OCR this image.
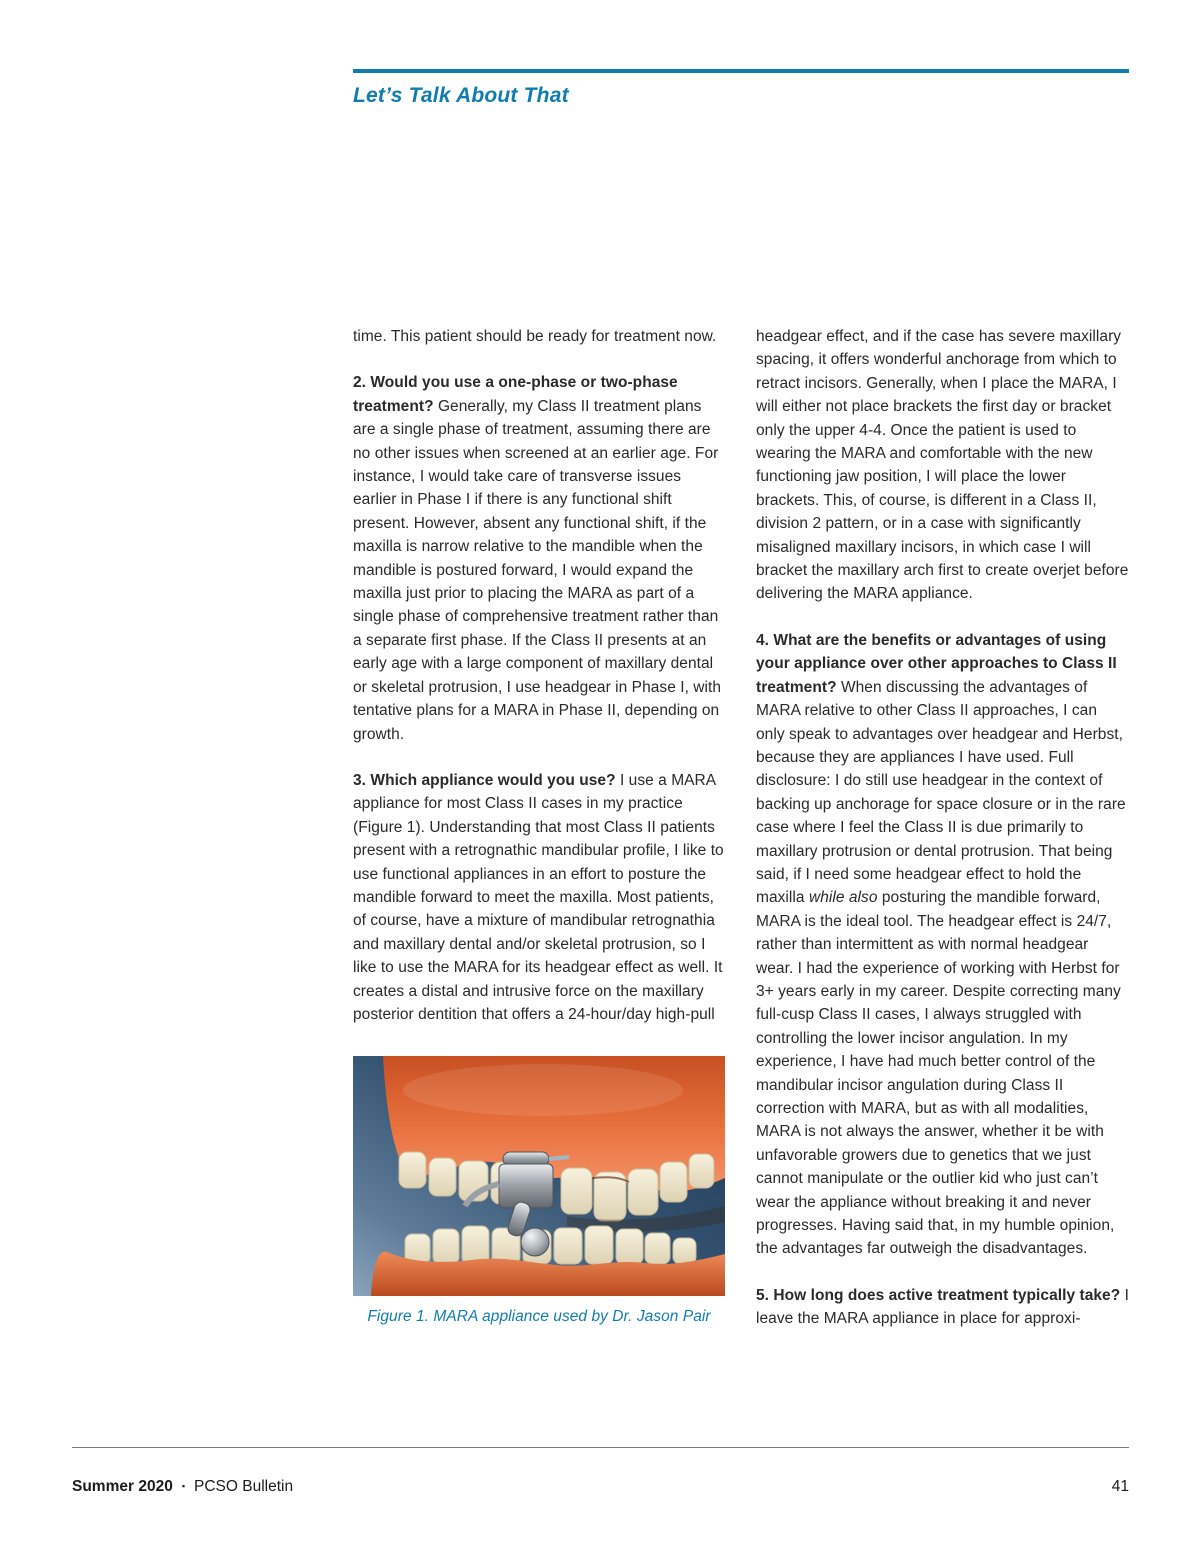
Let’s Talk About That

time. This patient should be ready for treatment now.

2. Would you use a one-phase or two-phase treatment? Generally, my Class II treatment plans are a single phase of treatment, assuming there are no other issues when screened at an earlier age. For instance, I would take care of transverse issues earlier in Phase I if there is any functional shift present. However, absent any functional shift, if the maxilla is narrow relative to the mandible when the mandible is postured forward, I would expand the maxilla just prior to placing the MARA as part of a single phase of comprehensive treatment rather than a separate first phase. If the Class II presents at an early age with a large component of maxillary dental or skeletal protrusion, I use headgear in Phase I, with tentative plans for a MARA in Phase II, depending on growth.

3. Which appliance would you use? I use a MARA appliance for most Class II cases in my practice (Figure 1). Understanding that most Class II patients present with a retrognathic mandibular profile, I like to use functional appliances in an effort to posture the mandible forward to meet the maxilla. Most patients, of course, have a mixture of mandibular retrognathia and maxillary dental and/or skeletal protrusion, so I like to use the MARA for its headgear effect as well. It creates a distal and intrusive force on the maxillary posterior dentition that offers a 24-hour/day high-pull

Figure 1. MARA appliance used by Dr. Jason Pair

headgear effect, and if the case has severe maxillary spacing, it offers wonderful anchorage from which to retract incisors. Generally, when I place the MARA, I will either not place brackets the first day or bracket only the upper 4-4. Once the patient is used to wearing the MARA and comfortable with the new functioning jaw position, I will place the lower brackets. This, of course, is different in a Class II, division 2 pattern, or in a case with significantly misaligned maxillary incisors, in which case I will bracket the maxillary arch first to create overjet before delivering the MARA appliance.

4. What are the benefits or advantages of using your appliance over other approaches to Class II treatment? When discussing the advantages of MARA relative to other Class II approaches, I can only speak to advantages over headgear and Herbst, because they are appliances I have used. Full disclosure: I do still use headgear in the context of backing up anchorage for space closure or in the rare case where I feel the Class II is due primarily to maxillary protrusion or dental protrusion. That being said, if I need some headgear effect to hold the maxilla while also posturing the mandible forward, MARA is the ideal tool. The headgear effect is 24/7, rather than intermittent as with normal headgear wear. I had the experience of working with Herbst for 3+ years early in my career. Despite correcting many full-cusp Class II cases, I always struggled with controlling the lower incisor angulation. In my experience, I have had much better control of the mandibular incisor angulation during Class II correction with MARA, but as with all modalities, MARA is not always the answer, whether it be with unfavorable growers due to genetics that we just cannot manipulate or the outlier kid who just can’t wear the appliance without breaking it and never progresses. Having said that, in my humble opinion, the advantages far outweigh the disadvantages.

5. How long does active treatment typically take? I leave the MARA appliance in place for approxi-

Summer 2020 ▪ PCSO Bulletin	41
